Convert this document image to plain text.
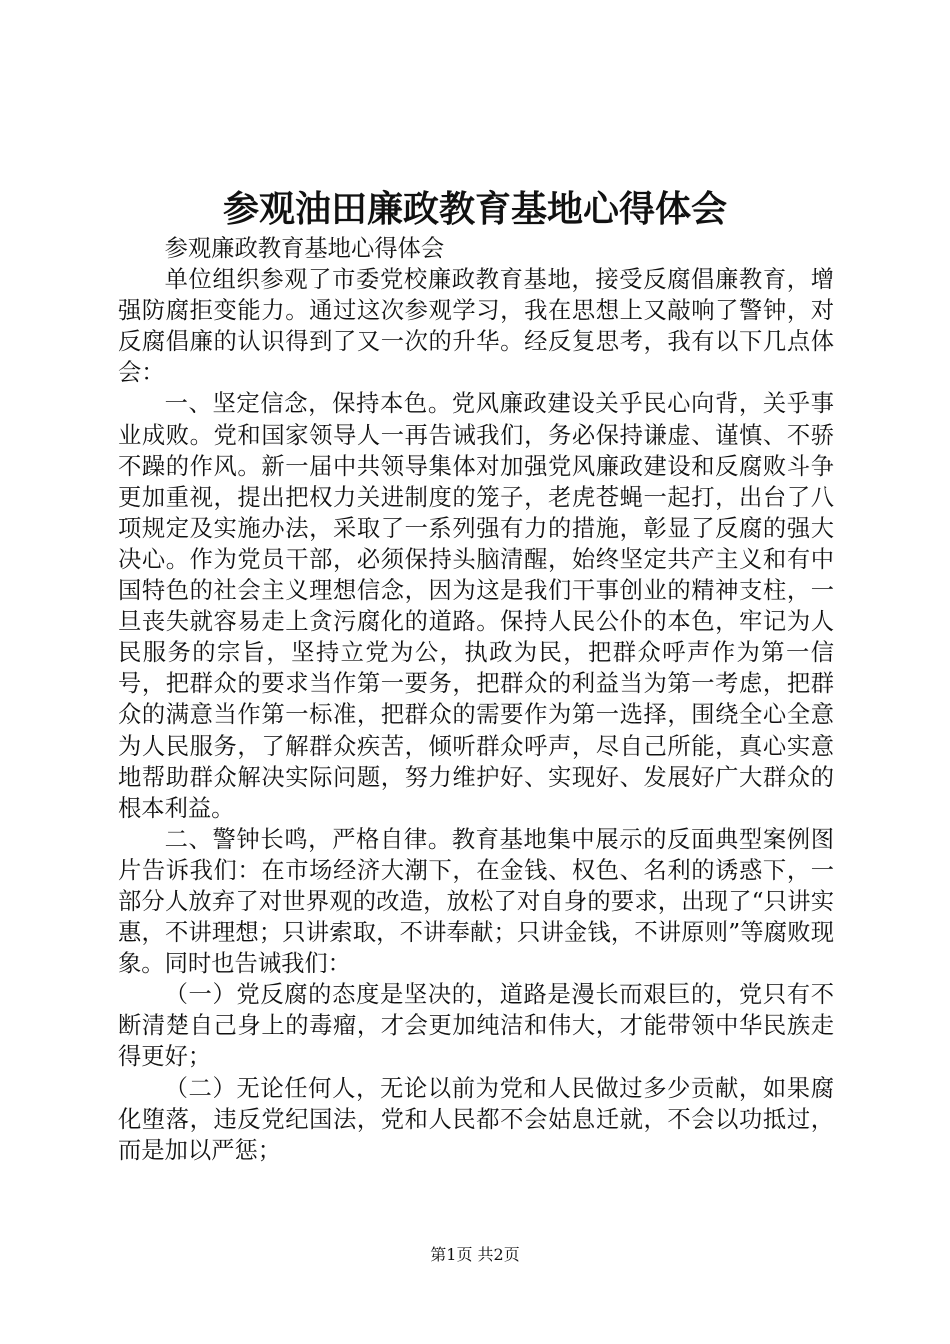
参观油田廉政教育基地心得体会

参观廉政教育基地心得体会

单位组织参观了市委党校廉政教育基地，接受反腐倡廉教育，增强防腐拒变能力。通过这次参观学习，我在思想上又敲响了警钟，对反腐倡廉的认识得到了又一次的升华。经反复思考，我有以下几点体会：

一、坚定信念，保持本色。党风廉政建设关乎民心向背，关乎事业成败。党和国家领导人一再告诫我们，务必保持谦虚、谨慎、不骄不躁的作风。新一届中共领导集体对加强党风廉政建设和反腐败斗争更加重视，提出把权力关进制度的笼子，老虎苍蝇一起打，出台了八项规定及实施办法，采取了一系列强有力的措施，彰显了反腐的强大决心。作为党员干部，必须保持头脑清醒，始终坚定共产主义和有中国特色的社会主义理想信念，因为这是我们干事创业的精神支柱，一旦丧失就容易走上贪污腐化的道路。保持人民公仆的本色，牢记为人民服务的宗旨，坚持立党为公，执政为民，把群众呼声作为第一信号，把群众的要求当作第一要务，把群众的利益当为第一考虑，把群众的满意当作第一标准，把群众的需要作为第一选择，围绕全心全意为人民服务，了解群众疾苦，倾听群众呼声，尽自己所能，真心实意地帮助群众解决实际问题，努力维护好、实现好、发展好广大群众的根本利益。

二、警钟长鸣，严格自律。教育基地集中展示的反面典型案例图片告诉我们：在市场经济大潮下，在金钱、权色、名利的诱惑下，一部分人放弃了对世界观的改造，放松了对自身的要求，出现了“只讲实惠，不讲理想；只讲索取，不讲奉献；只讲金钱，不讲原则”等腐败现象。同时也告诫我们：

（一）党反腐的态度是坚决的，道路是漫长而艰巨的，党只有不断清楚自己身上的毒瘤，才会更加纯洁和伟大，才能带领中华民族走得更好；

（二）无论任何人，无论以前为党和人民做过多少贡献，如果腐化堕落，违反党纪国法，党和人民都不会姑息迁就，不会以功抵过，而是加以严惩；

第1页 共2页
